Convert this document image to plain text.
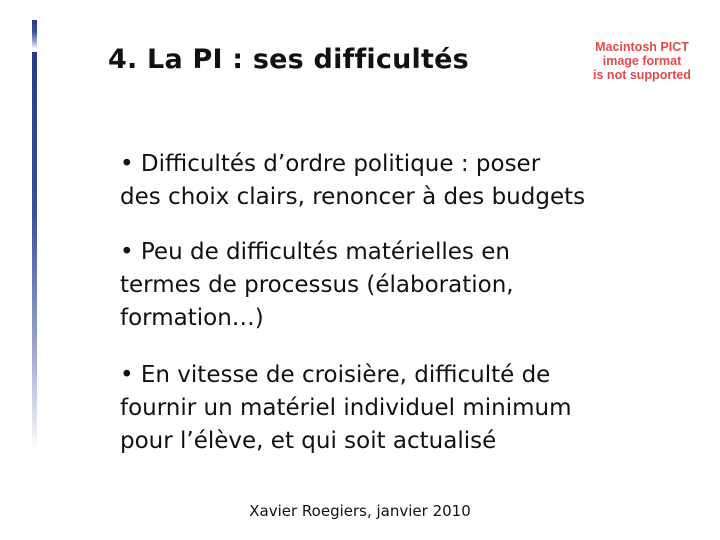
4. La PI : ses difficultés	Macintosh PICT
image format
is not supported
• Difficultés d’ordre politique : poser
des choix clairs, renoncer à des budgets
• Peu de difficultés matérielles en
termes de processus (élaboration,
formation…)
• En vitesse de croisière, difficulté de
fournir un matériel individuel minimum
pour l’élève, et qui soit actualisé
Xavier Roegiers, janvier 2010
